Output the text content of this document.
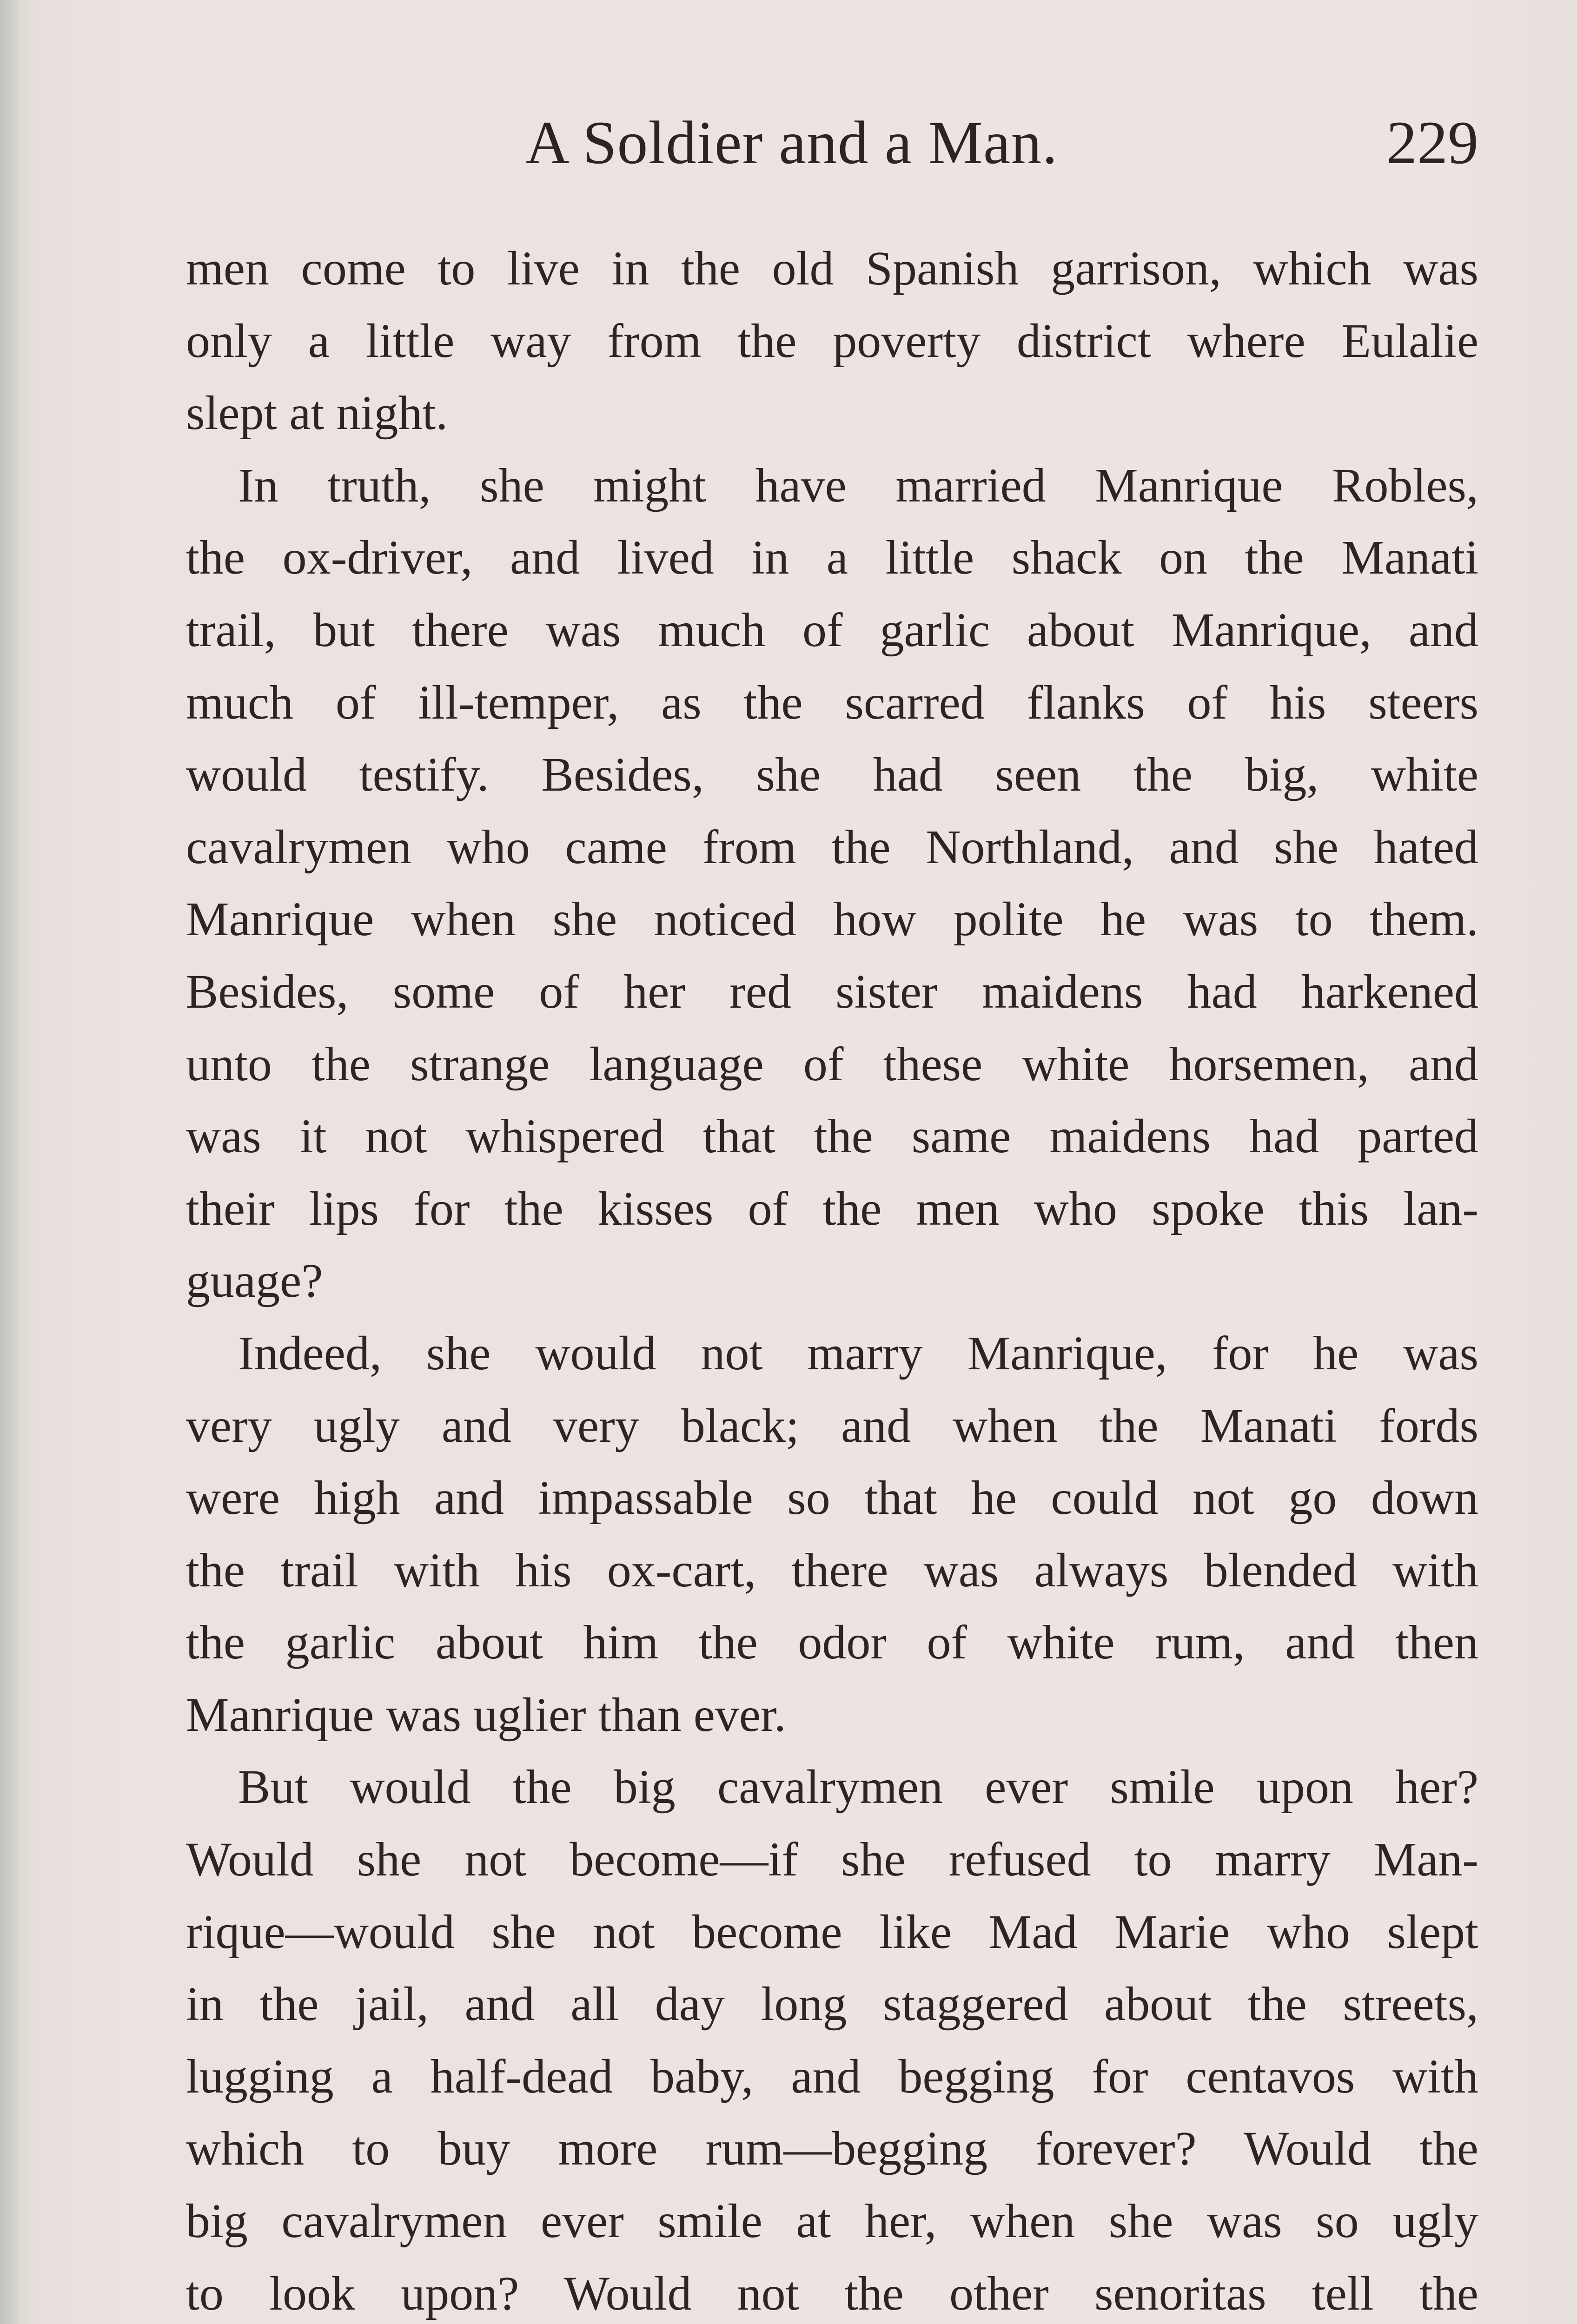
A Soldier and a Man.	229
men come to live in the old Spanish garrison, which was
only a little way from the poverty district where Eulalie
slept at night.
In truth, she might have married Manrique Robles,
the ox-driver, and lived in a little shack on the Manati
trail, but there was much of garlic about Manrique, and
much of ill-temper, as the scarred flanks of his steers
would testify. Besides, she had seen the big, white
cavalrymen who came from the Northland, and she hated
Manrique when she noticed how polite he was to them.
Besides, some of her red sister maidens had harkened
unto the strange language of these white horsemen, and
was it not whispered that the same maidens had parted
their lips for the kisses of the men who spoke this lan-
guage?
Indeed, she would not marry Manrique, for he was
very ugly and very black; and when the Manati fords
were high and impassable so that he could not go down
the trail with his ox-cart, there was always blended with
the garlic about him the odor of white rum, and then
Manrique was uglier than ever.
But would the big cavalrymen ever smile upon her?
Would she not become—if she refused to marry Man-
rique—would she not become like Mad Marie who slept
in the jail, and all day long staggered about the streets,
lugging a half-dead baby, and begging for centavos with
which to buy more rum—begging forever? Would the
big cavalrymen ever smile at her, when she was so ugly
to look upon? Would not the other senoritas tell the
